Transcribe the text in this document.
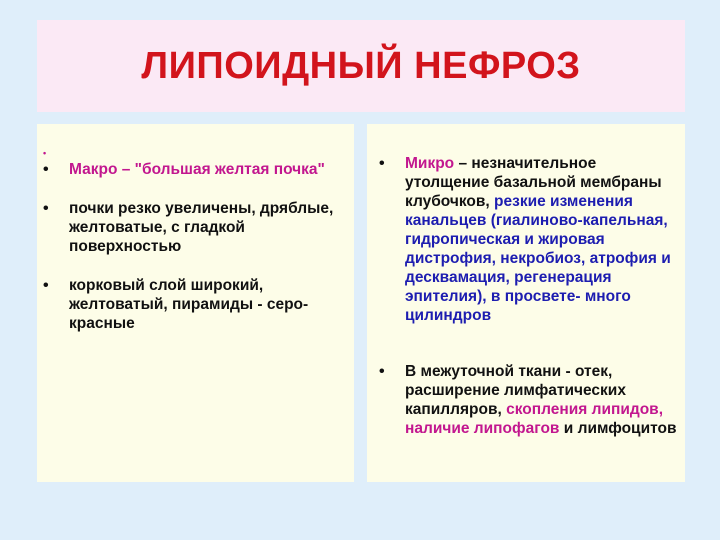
ЛИПОИДНЫЙ НЕФРОЗ
•
• Макро – "большая желтая почка"
• почки резко увеличены, дряблые, желтоватые, с гладкой поверхностью
• корковый слой широкий, желтоватый, пирамиды - серо-красные
• Микро – незначительное утолщение базальной мембраны клубочков, резкие изменения канальцев (гиалиново-капельная, гидропическая и жировая дистрофия, некробиоз, атрофия и десквамация, регенерация эпителия), в просвете- много цилиндров
• В межуточной ткани - отек, расширение лимфатических капилляров, скопления липидов, наличие липофагов и лимфоцитов
